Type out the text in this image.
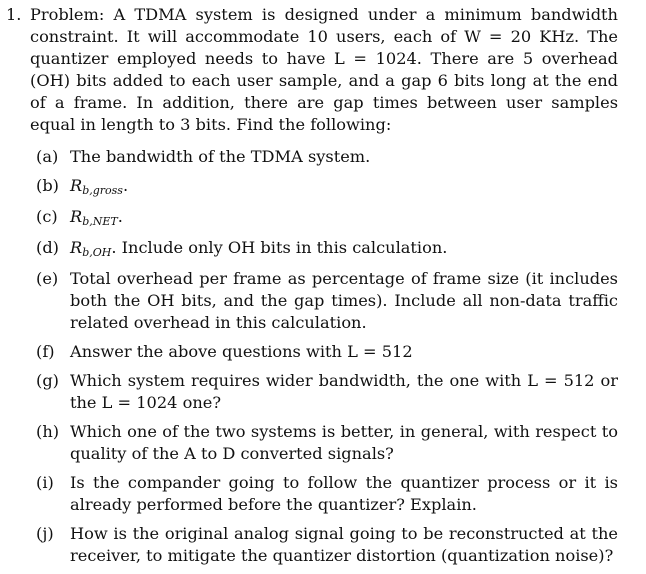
1. Problem: A TDMA system is designed under a minimum bandwidth constraint. It will accommodate 10 users, each of W = 20 KHz. The quantizer employed needs to have L = 1024. There are 5 overhead (OH) bits added to each user sample, and a gap 6 bits long at the end of a frame. In addition, there are gap times between user samples equal in length to 3 bits. Find the following:
(a) The bandwidth of the TDMA system.
(b) Rb,gross.
(c) Rb,NET.
(d) Rb,OH. Include only OH bits in this calculation.
(e) Total overhead per frame as percentage of frame size (it includes both the OH bits, and the gap times). Include all non-data traffic related overhead in this calculation.
(f) Answer the above questions with L = 512
(g) Which system requires wider bandwidth, the one with L = 512 or the L = 1024 one?
(h) Which one of the two systems is better, in general, with respect to quality of the A to D converted signals?
(i) Is the compander going to follow the quantizer process or it is already performed before the quantizer? Explain.
(j)	How is the original analog signal going to be reconstructed at the receiver, to mitigate the quantizer distortion (quantization noise)?
